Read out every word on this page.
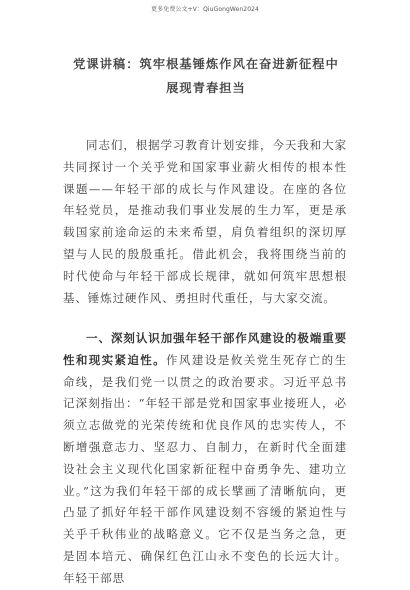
更多免费公文+V：QiuGongWen2024
党课讲稿：筑牢根基锤炼作风在奋进新征程中展现青春担当
同志们，根据学习教育计划安排，今天我和大家共同探讨一个关乎党和国家事业薪火相传的根本性课题——年轻干部的成长与作风建设。在座的各位年轻党员，是推动我们事业发展的生力军，更是承载国家前途命运的未来希望，肩负着组织的深切厚望与人民的殷殷重托。借此机会，我将围绕当前的时代使命与年轻干部成长规律，就如何筑牢思想根基、锤炼过硬作风、勇担时代重任，与大家交流。
一、深刻认识加强年轻干部作风建设的极端重要性和现实紧迫性。作风建设是攸关党生死存亡的生命线，是我们党一以贯之的政治要求。习近平总书记深刻指出：“年轻干部是党和国家事业接班人，必须立志做党的光荣传统和优良作风的忠实传人，不断增强意志力、坚忍力、自制力，在新时代全面建设社会主义现代化国家新征程中奋勇争先、建功立业。”这为我们年轻干部的成长擘画了清晰航向，更凸显了抓好年轻干部作风建设刻不容缓的紧迫性与关乎千秋伟业的战略意义。它不仅是当务之急，更是固本培元、确保红色江山永不变色的长远大计。年轻干部思
